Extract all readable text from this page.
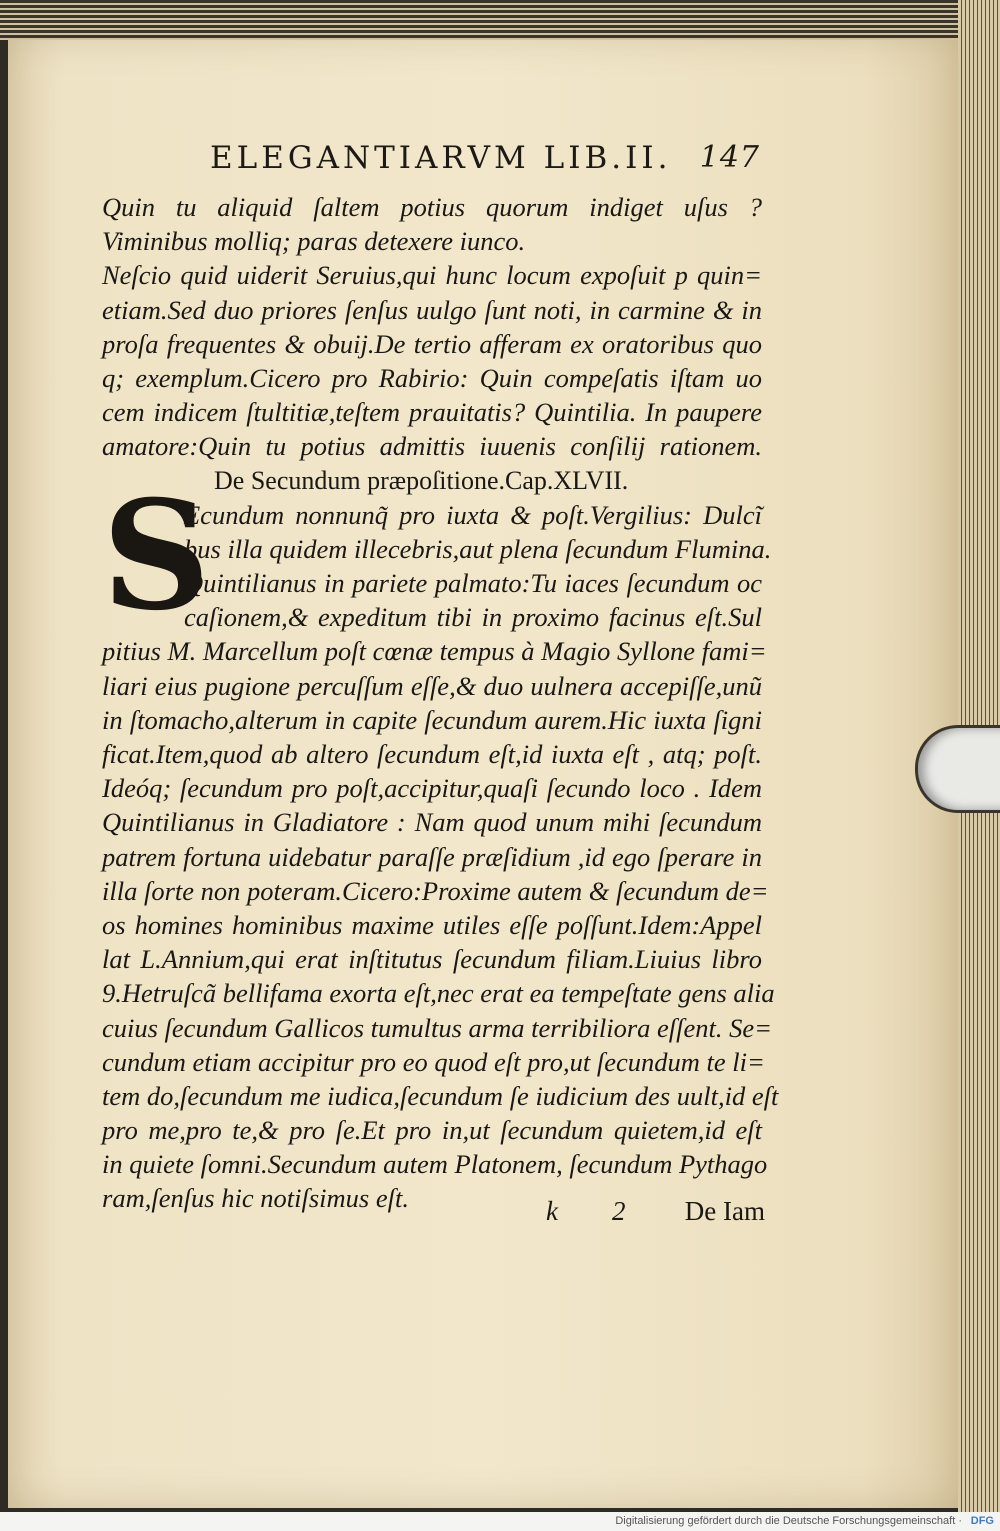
ELEGANTIARVM LIB.II. 147
S
Quin tu aliquid ſaltem potius quorum indiget uſus ?
Viminibus molliq; paras detexere iunco.
Neſcio quid uiderit Seruius,qui hunc locum expoſuit p quin=
etiam.Sed duo priores ſenſus uulgo ſunt noti, in carmine & in
proſa frequentes & obuij.De tertio afferam ex oratoribus quo
q; exemplum.Cicero pro Rabirio: Quin compeſatis iſtam uo
cem indicem ſtultitiæ,teſtem prauitatis? Quintilia. In paupere
amatore:Quin tu potius admittis iuuenis conſilij rationem.
De Secundum præpoſitione.Cap.XLVII.
Ecundum nonnunq̃ pro iuxta & poſt.Vergilius: Dulcĩ
bus illa quidem illecebris,aut plena ſecundum Flumina.
Quintilianus in pariete palmato:Tu iaces ſecundum oc
caſionem,& expeditum tibi in proximo facinus eſt.Sul
pitius M. Marcellum poſt cœnæ tempus à Magio Syllone fami=
liari eius pugione percuſſum eſſe,& duo uulnera accepiſſe,unũ
in ſtomacho,alterum in capite ſecundum aurem.Hic iuxta ſigni
ficat.Item,quod ab altero ſecundum eſt,id iuxta eſt , atq; poſt.
Ideóq; ſecundum pro poſt,accipitur,quaſi ſecundo loco . Idem
Quintilianus in Gladiatore : Nam quod unum mihi ſecundum
patrem fortuna uidebatur paraſſe præſidium ,id ego ſperare in
illa ſorte non poteram.Cicero:Proxime autem & ſecundum de=
os homines hominibus maxime utiles eſſe poſſunt.Idem:Appel
lat L.Annium,qui erat inſtitutus ſecundum filiam.Liuius libro
9.Hetruſcã bellifama exorta eſt,nec erat ea tempeſtate gens alia
cuius ſecundum Gallicos tumultus arma terribiliora eſſent. Se=
cundum etiam accipitur pro eo quod eſt pro,ut ſecundum te li=
tem do,ſecundum me iudica,ſecundum ſe iudicium des uult,id eſt
pro me,pro te,& pro ſe.Et pro in,ut ſecundum quietem,id eſt
in quiete ſomni.Secundum autem Platonem, ſecundum Pythago
ram,ſenſus hic notiſsimus eſt.	k 2 De Iam
Digitalisierung gefördert durch die Deutsche Forschungsgemeinschaft · DFG
